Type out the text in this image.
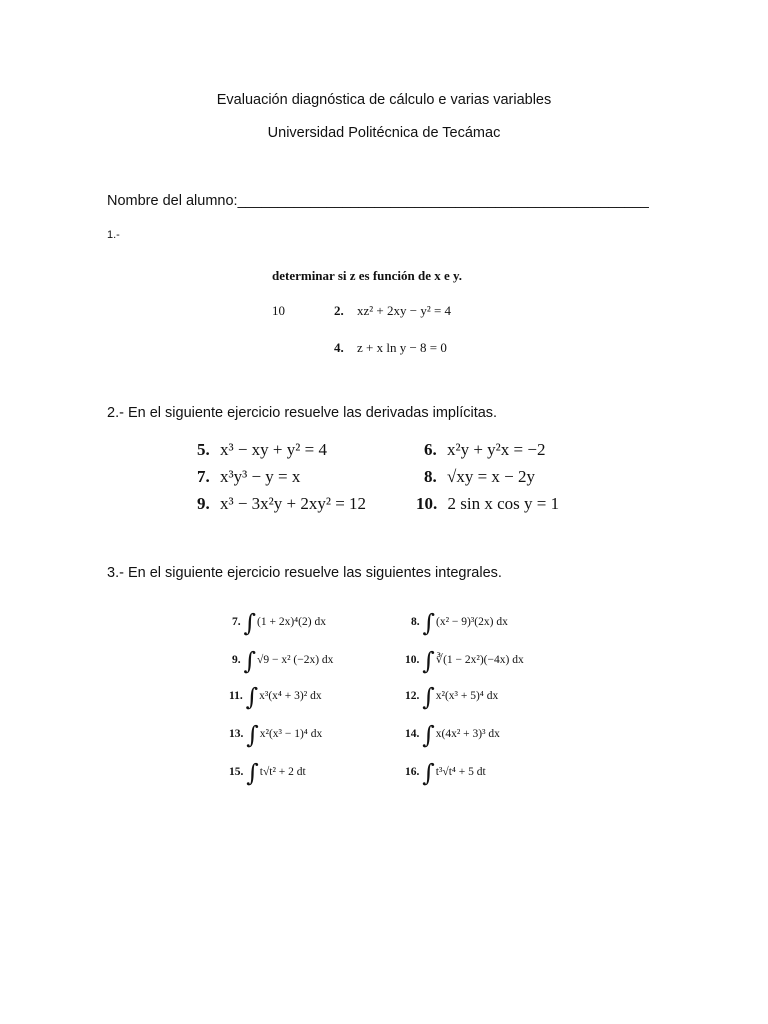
Evaluación diagnóstica de cálculo e varias variables
Universidad Politécnica de Tecámac
Nombre del alumno:___________________________________________________
1.-
determinar si z es función de x e y.
10	2. xz² + 2xy − y² = 4
4. z + x ln y − 8 = 0
2.- En el siguiente ejercicio resuelve las derivadas implícitas.
5. x³ − xy + y² = 4	6. x²y + y²x = −2
7. x³y³ − y = x	8. √xy = x − 2y
9. x³ − 3x²y + 2xy² = 12	10. 2 sin x cos y = 1
3.- En el siguiente ejercicio resuelve las siguientes integrales.
7. ∫(1 + 2x)⁴(2) dx	8. ∫(x² − 9)³(2x) dx
9. ∫√9 − x² (−2x) dx	10. ∫∛(1 − 2x²)(−4x) dx
11. ∫x³(x⁴ + 3)² dx	12. ∫x²(x³ + 5)⁴ dx
13. ∫x²(x³ − 1)⁴ dx	14. ∫x(4x² + 3)³ dx
15. ∫t√t² + 2 dt	16. ∫t³√t⁴ + 5 dt
